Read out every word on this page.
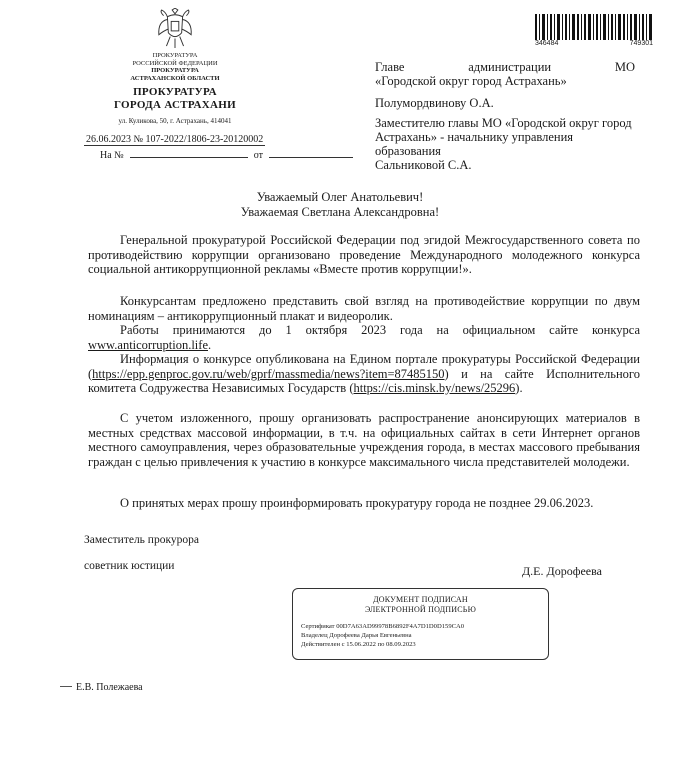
ПРОКУРАТУРА
РОССИЙСКОЙ ФЕДЕРАЦИИ
ПРОКУРАТУРА
АСТРАХАНСКОЙ ОБЛАСТИ
ПРОКУРАТУРА
ГОРОДА АСТРАХАНИ
ул. Куликова, 50, г. Астрахань, 414041
26.06.2023 № 107-2022/1806-23-20120002
На №	от
346484	749301
Главе администрации МО
«Городской округ город Астрахань»
Полумордвинову О.А.
Заместителю главы МО «Городской округ город Астрахань» - начальнику управления образования
Сальниковой С.А.
Уважаемый Олег Анатольевич!
Уважаемая Светлана Александровна!

Генеральной прокуратурой Российской Федерации под эгидой Межгосударственного совета по противодействию коррупции организовано проведение Международного молодежного конкурса социальной антикоррупционной рекламы «Вместе против коррупции!».

Конкурсантам предложено представить свой взгляд на противодействие коррупции по двум номинациям – антикоррупционный плакат и видеоролик.

Работы принимаются до 1 октября 2023 года на официальном сайте конкурса www.anticorruption.life.

Информация о конкурсе опубликована на Едином портале прокуратуры Российской Федерации (https://epp.genproc.gov.ru/web/gprf/massmedia/news?item=87485150) и на сайте Исполнительного комитета Содружества Независимых Государств (https://cis.minsk.by/news/25296).

С учетом изложенного, прошу организовать распространение анонсирующих материалов в местных средствах массовой информации, в т.ч. на официальных сайтах в сети Интернет органов местного самоуправления, через образовательные учреждения города, в местах массового пребывания граждан с целью привлечения к участию в конкурсе максимального числа представителей молодежи.

О принятых мерах прошу проинформировать прокуратуру города не позднее 29.06.2023.

Заместитель прокурора
советник юстиции	Д.Е. Дорофеева
ДОКУМЕНТ ПОДПИСАН
ЭЛЕКТРОННОЙ ПОДПИСЬЮ
Сертификат 00D7A63AD99978B6892F4A7D1D0D159CA0
Владелец Дорофеева Дарья Евгеньевна
Действителен с 15.06.2022 по 08.09.2023
Е.В. Полежаева
